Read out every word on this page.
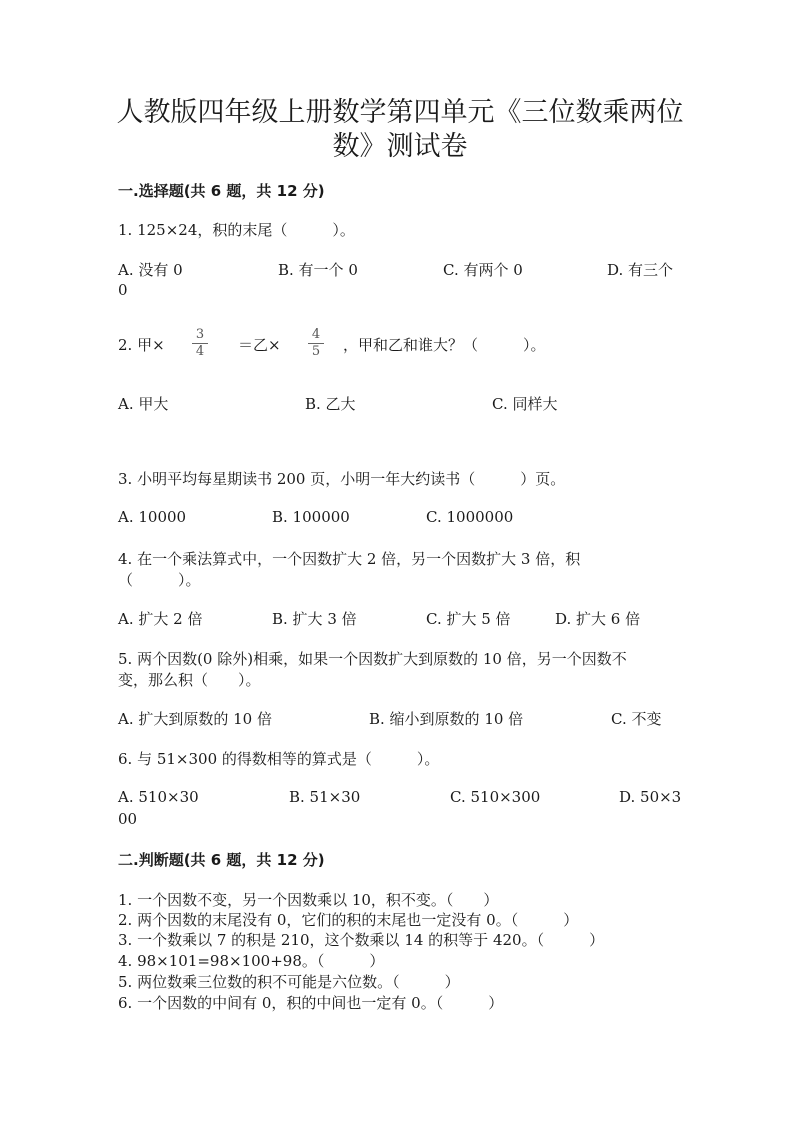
人教版四年级上册数学第四单元《三位数乘两位
数》测试卷
一.选择题(共 6 题，共 12 分)
1. 125×24，积的末尾（　　　）。
A. 没有 0	B. 有一个 0	C. 有两个 0	D. 有三个
0
2. 甲× $\frac{3}{4}$ ＝乙× $\frac{4}{5}$ ，甲和乙和谁大？（　　　）。
A. 甲大	B. 乙大	C. 同样大
3. 小明平均每星期读书 200 页，小明一年大约读书（　　　）页。
A. 10000	B. 100000	C. 1000000
4. 在一个乘法算式中，一个因数扩大 2 倍，另一个因数扩大 3 倍，积
（　　　）。
A. 扩大 2 倍	B. 扩大 3 倍	C. 扩大 5 倍	D. 扩大 6 倍
5. 两个因数(0 除外)相乘，如果一个因数扩大到原数的 10 倍，另一个因数不
变，那么积（　　）。
A. 扩大到原数的 10 倍	B. 缩小到原数的 10 倍	C. 不变
6. 与 51×300 的得数相等的算式是（　　　）。
A. 510×30	B. 51×30	C. 510×300	D. 50×3
00
二.判断题(共 6 题，共 12 分)
1. 一个因数不变，另一个因数乘以 10，积不变。（　　）
2. 两个因数的末尾没有 0，它们的积的末尾也一定没有 0。（　　　）
3. 一个数乘以 7 的积是 210，这个数乘以 14 的积等于 420。（　　　）
4. 98×101=98×100+98。（　　　）
5. 两位数乘三位数的积不可能是六位数。（　　　）
6. 一个因数的中间有 0，积的中间也一定有 0。（　　　）
